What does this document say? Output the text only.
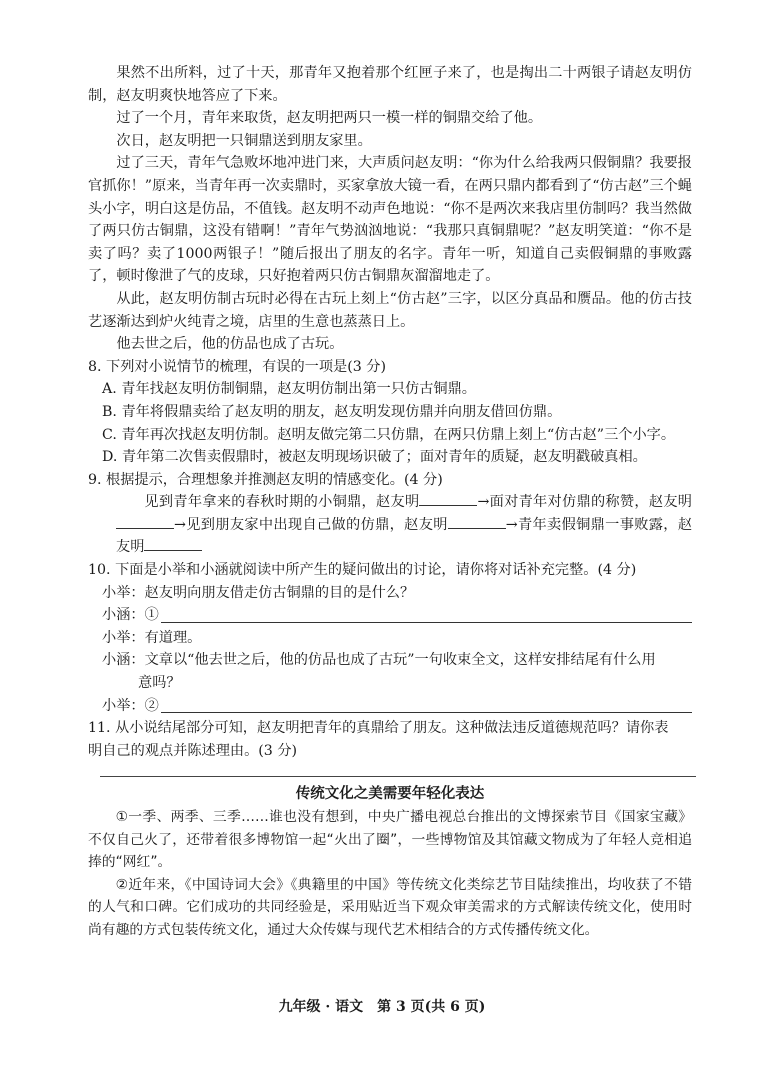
果然不出所料，过了十天，那青年又抱着那个红匣子来了，也是掏出二十两银子请赵友明仿制，赵友明爽快地答应了下来。

过了一个月，青年来取货，赵友明把两只一模一样的铜鼎交给了他。

次日，赵友明把一只铜鼎送到朋友家里。

过了三天，青年气急败坏地冲进门来，大声质问赵友明：“你为什么给我两只假铜鼎？我要报官抓你！”原来，当青年再一次卖鼎时，买家拿放大镜一看，在两只鼎内都看到了“仿古赵”三个蝇头小字，明白这是仿品，不值钱。赵友明不动声色地说：“你不是两次来我店里仿制吗？我当然做了两只仿古铜鼎，这没有错啊！”青年气势汹汹地说：“我那只真铜鼎呢？”赵友明笑道：“你不是卖了吗？卖了1000两银子！”随后报出了朋友的名字。青年一听，知道自己卖假铜鼎的事败露了，顿时像泄了气的皮球，只好抱着两只仿古铜鼎灰溜溜地走了。

从此，赵友明仿制古玩时必得在古玩上刻上“仿古赵”三字，以区分真品和赝品。他的仿古技艺逐渐达到炉火纯青之境，店里的生意也蒸蒸日上。

他去世之后，他的仿品也成了古玩。

8. 下列对小说情节的梳理，有误的一项是(3 分)

A. 青年找赵友明仿制铜鼎，赵友明仿制出第一只仿古铜鼎。

B. 青年将假鼎卖给了赵友明的朋友，赵友明发现仿鼎并向朋友借回仿鼎。

C. 青年再次找赵友明仿制。赵明友做完第二只仿鼎，在两只仿鼎上刻上“仿古赵”三个小字。

D. 青年第二次售卖假鼎时，被赵友明现场识破了；面对青年的质疑，赵友明戳破真相。

9. 根据提示，合理想象并推测赵友明的情感变化。(4 分)

见到青年拿来的春秋时期的小铜鼎，赵友明	→面对青年对仿鼎的称赞，赵友明→见到朋友家中出现自己做的仿鼎，赵友明	→青年卖假铜鼎一事败露，赵友明

10. 下面是小举和小涵就阅读中所产生的疑问做出的讨论，请你将对话补充完整。(4 分)

小举：赵友明向朋友借走仿古铜鼎的目的是什么？

小涵：①

小举：有道理。

小涵：文章以“他去世之后，他的仿品也成了古玩”一句收束全文，这样安排结尾有什么用

意吗？

小举：②

11. 从小说结尾部分可知，赵友明把青年的真鼎给了朋友。这种做法违反道德规范吗？请你表明自己的观点并陈述理由。(3 分)

传统文化之美需要年轻化表达

①一季、两季、三季……谁也没有想到，中央广播电视总台推出的文博探索节目《国家宝藏》不仅自己火了，还带着很多博物馆一起“火出了圈”，一些博物馆及其馆藏文物成为了年轻人竞相追捧的“网红”。

②近年来，《中国诗词大会》《典籍里的中国》等传统文化类综艺节目陆续推出，均收获了不错的人气和口碑。它们成功的共同经验是，采用贴近当下观众审美需求的方式解读传统文化，使用时尚有趣的方式包装传统文化，通过大众传媒与现代艺术相结合的方式传播传统文化。

九年级 · 语文　第 3 页(共 6 页)
